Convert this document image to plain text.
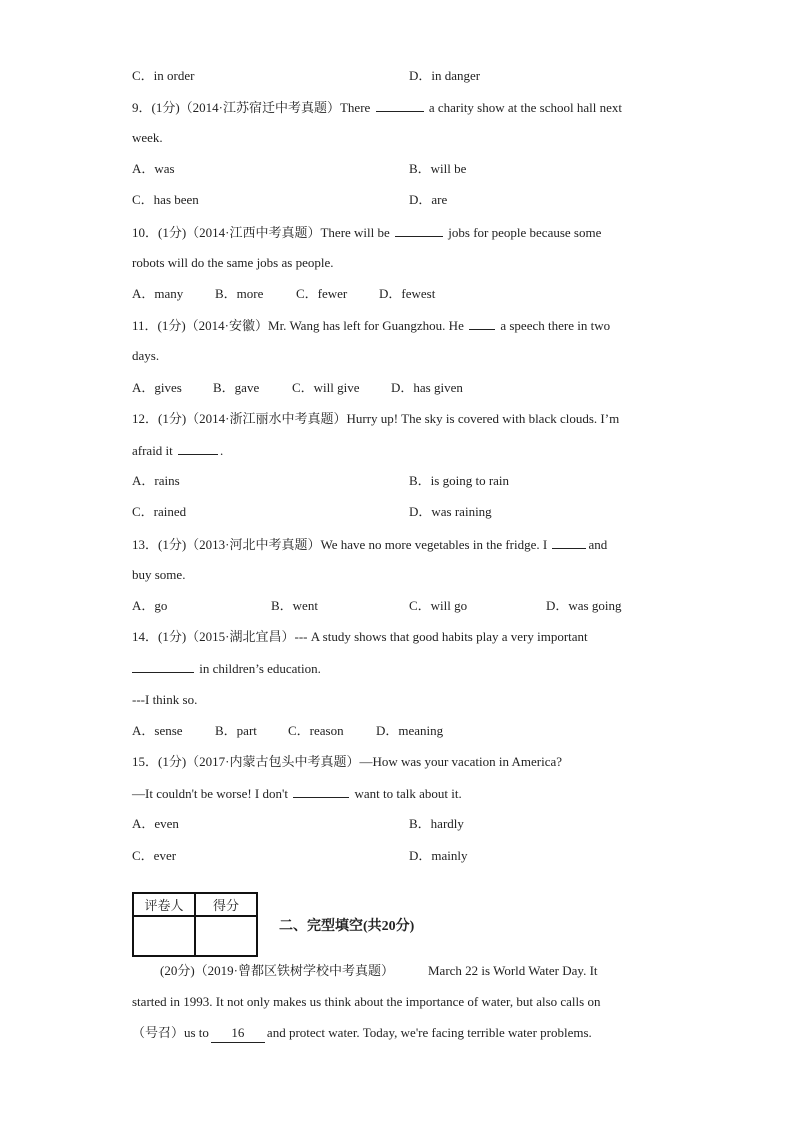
C．in order	D．in danger
9．(1分)（2014·江苏宿迁中考真题）There	a charity show at the school hall next
week.
A．was	B．will be
C．has been	D．are
10．(1分)（2014·江西中考真题）There will be	jobs for people because some
robots will do the same jobs as people.
A．many B．more	C．fewer D．fewest
11．(1分)（2014·安徽）Mr. Wang has left for Guangzhou. He  a speech there in two
days.
A．gives B．gave	C．will give D．has given
12．(1分)（2014·浙江丽水中考真题）Hurry up! The sky is covered with black clouds. I’m
afraid it	.
A．rains	B．is going to rain
C．rained	D．was raining
13．(1分)（2013·河北中考真题）We have no more vegetables in the fridge. I	and
buy some.
A．go	B．went	C．will go	D．was going
14．(1分)（2015·湖北宜昌）--- A study shows that good habits play a very important
in children’s education.
---I think so.
A．sense B．part C．reason D．meaning
15．(1分)（2017·内蒙古包头中考真题）—How was your vacation in America?
—It couldn't be worse! I don't	want to talk about it.
A．even	B．hardly
C．ever	D．mainly
评卷人	得分

二、完型填空(共20分)
(20分)（2019·曾都区铁树学校中考真题）	March 22 is World Water Day. It
started in 1993. It not only makes us think about the importance of water, but also calls on
（号召）us to 16 and protect water. Today, we're facing terrible water problems.
